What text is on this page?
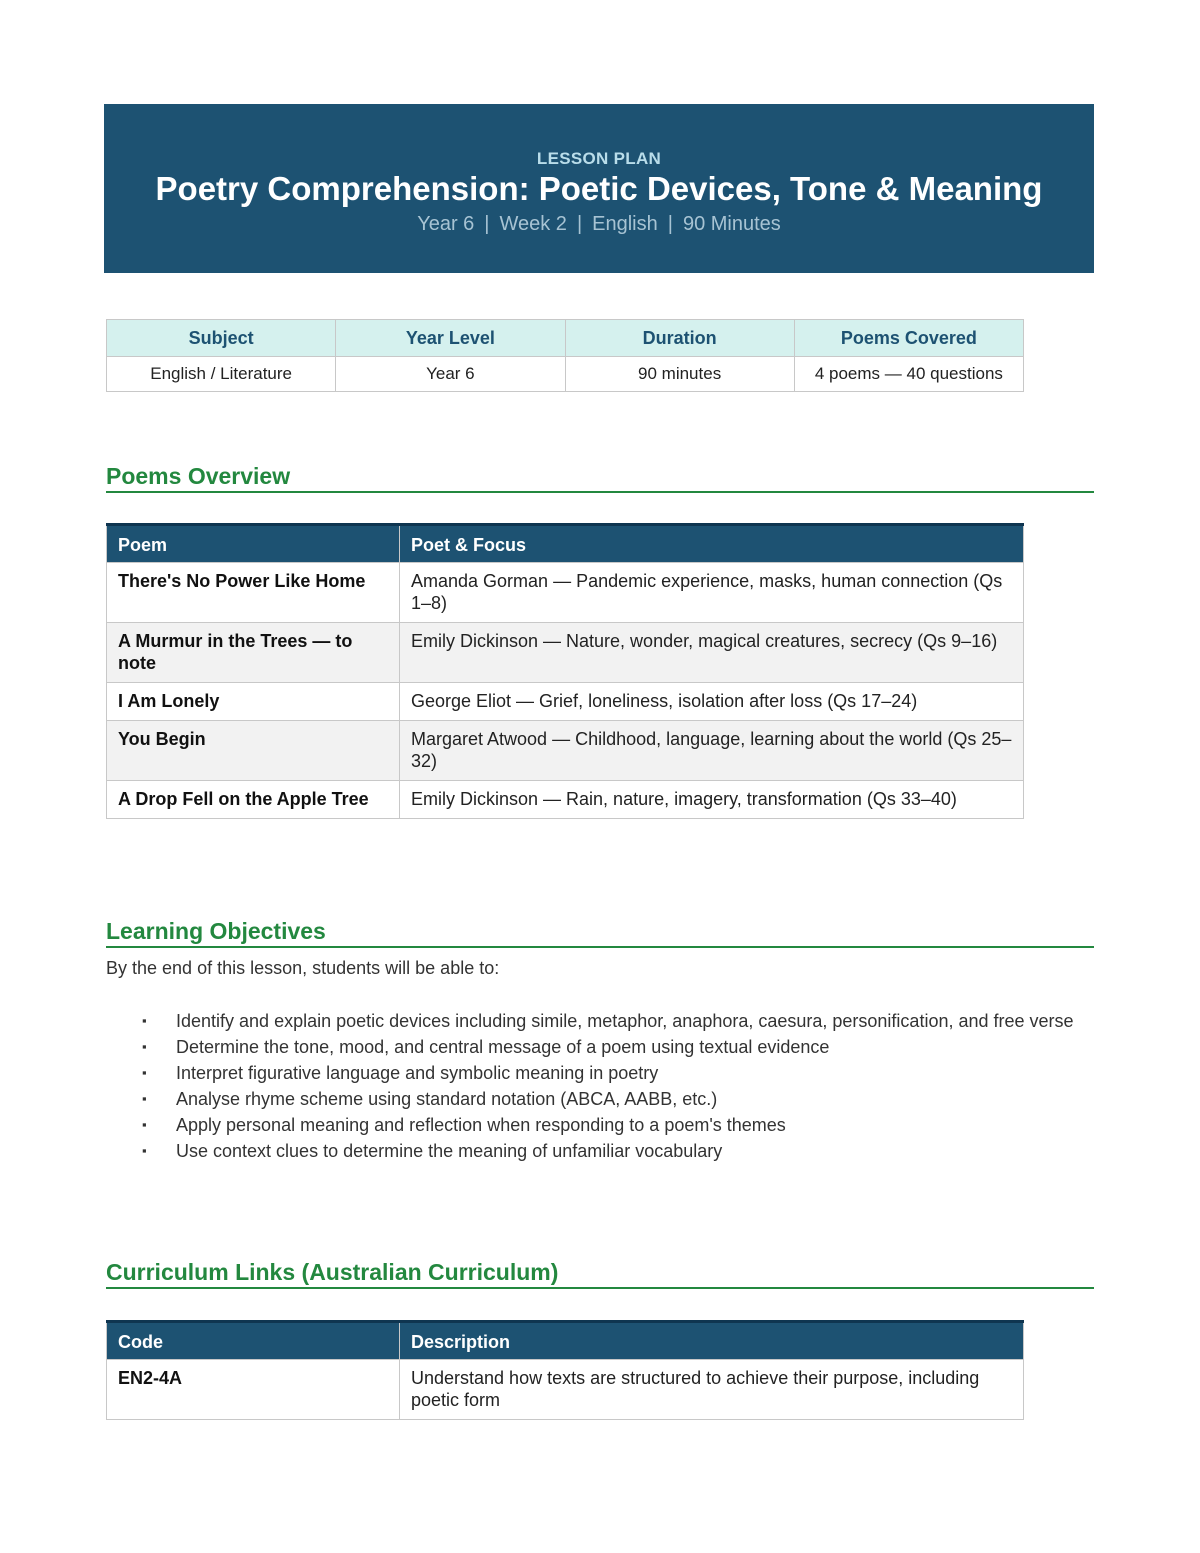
LESSON PLAN
Poetry Comprehension: Poetic Devices, Tone & Meaning
Year 6 | Week 2 | English | 90 Minutes
Subject	Year Level	Duration	Poems Covered
English / Literature	Year 6	90 minutes	4 poems — 40 questions
Poems Overview
Poem	Poet & Focus
There's No Power Like Home	Amanda Gorman — Pandemic experience, masks, human connection (Qs 1–8)
A Murmur in the Trees — to note	Emily Dickinson — Nature, wonder, magical creatures, secrecy (Qs 9–16)
I Am Lonely	George Eliot — Grief, loneliness, isolation after loss (Qs 17–24)
You Begin	Margaret Atwood — Childhood, language, learning about the world (Qs 25–32)
A Drop Fell on the Apple Tree	Emily Dickinson — Rain, nature, imagery, transformation (Qs 33–40)
Learning Objectives
By the end of this lesson, students will be able to:
▪ Identify and explain poetic devices including simile, metaphor, anaphora, caesura, personification, and free verse
▪ Determine the tone, mood, and central message of a poem using textual evidence
▪ Interpret figurative language and symbolic meaning in poetry
▪ Analyse rhyme scheme using standard notation (ABCA, AABB, etc.)
▪ Apply personal meaning and reflection when responding to a poem's themes
▪ Use context clues to determine the meaning of unfamiliar vocabulary
Curriculum Links (Australian Curriculum)
Code	Description
EN2-4A	Understand how texts are structured to achieve their purpose, including poetic form
